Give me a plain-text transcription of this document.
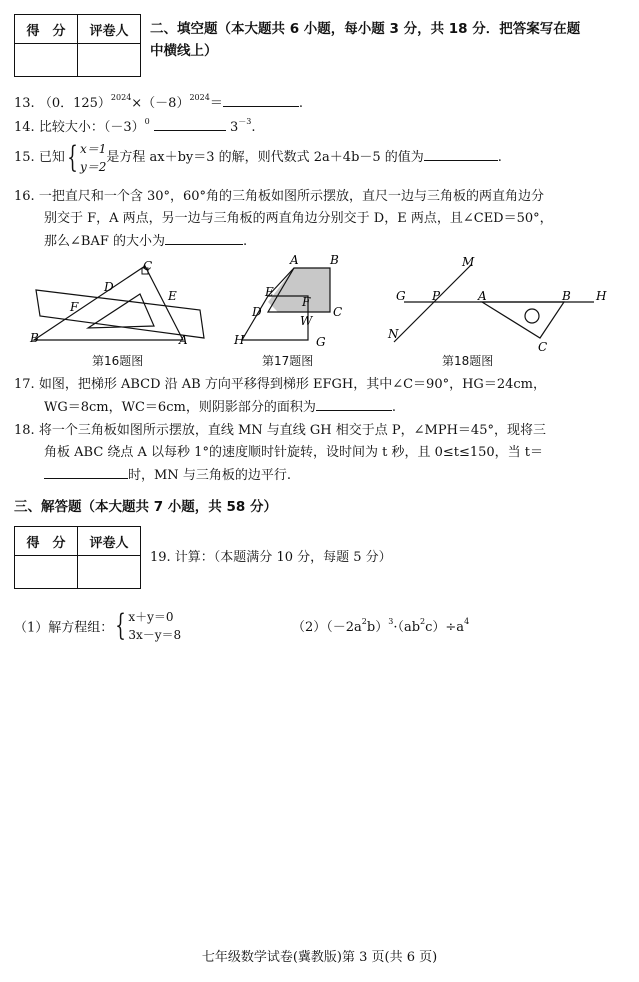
得　分	评卷人
	二、填空题（本大题共 6 小题，每小题 3 分，共 18 分．把答案写在题
中横线上）
13. （0．$125)^{2024}\times(-8)^{2024}=$	.
14. 比较大小：$(-3)^0$	$3^{-3}$.
15. 已知{ x＝1
y＝2是方程 ax＋by＝3 的解，则代数式 2a＋4b－5 的值为	.
16. 一把直尺和一个含 30°，60°角的三角板如图所示摆放，直尺一边与三角板的两直角边分
别交于 F，A 两点，另一边与三角板的两直角边分别交于 D，E 两点，且∠CED＝50°，
那么∠BAF 的大小为	.
C
D
E
F
B	A
第16题图
A	B
E
F
D	C
W
H	G
第17题图
M
G P	A	B H
N
C
第18题图
17. 如图，把梯形 ABCD 沿 AB 方向平移得到梯形 EFGH，其中∠C＝90°，HG＝24cm，
WG＝8cm，WC＝6cm，则阴影部分的面积为	.
18. 将一个三角板如图所示摆放，直线 MN 与直线 GH 相交于点 P，∠MPH＝45°，现将三
角板 ABC 绕点 A 以每秒 1°的速度顺时针旋转，设时间为 t 秒，且 0≤t≤150，当 t＝
时，MN 与三角板的边平行.
三、解答题（本大题共 7 小题，共 58 分）
得　分	评卷人

19. 计算：（本题满分 10 分，每题 5 分）
（1）解方程组：{ x＋y＝0
3x－y＝8	$(2)(-2a^2b)^3\cdot(ab^2c)\div a^4$
七年级数学试卷(冀教版)第 3 页(共 6 页)
